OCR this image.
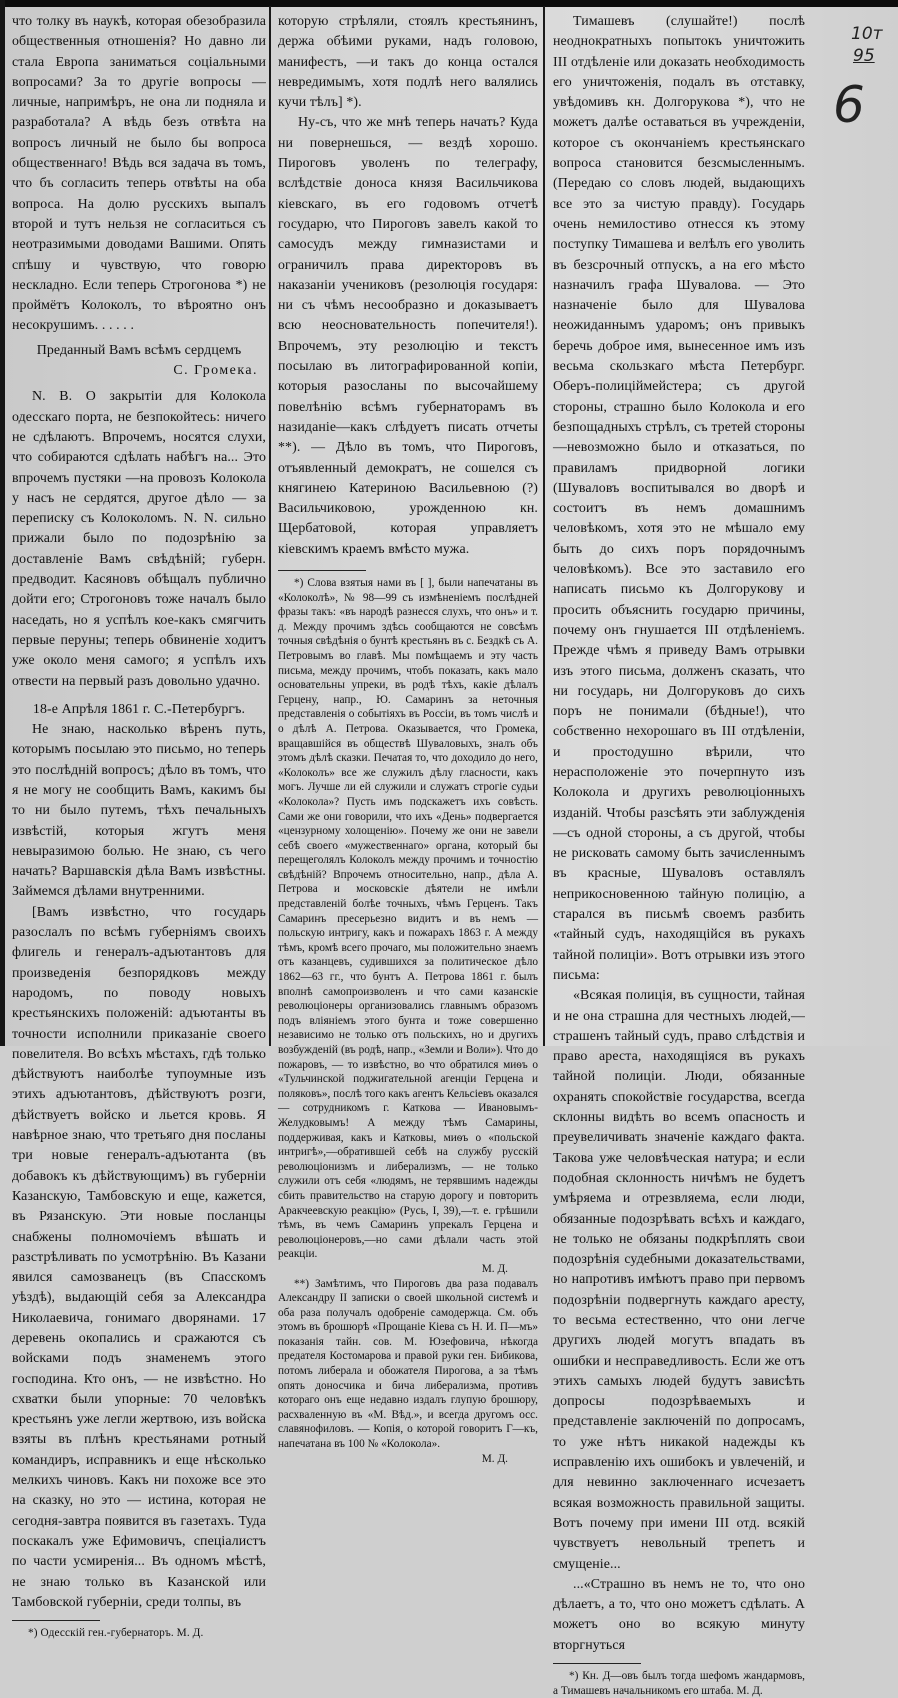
что толку въ наукѣ, которая обезобразила общественныя отношенія? Но давно ли стала Европа заниматься соціальными вопросами? За то другіе вопросы — личные, напримѣръ, не она ли подняла и разработала? А вѣдь безъ отвѣта на вопросъ личный не было бы вопроса общественнаго! Вѣдь вся задача въ томъ, что бъ согласить теперь отвѣты на оба вопроса. На долю русскихъ выпалъ второй и тутъ нельзя не согласиться съ неотразимыми доводами Вашими. Опять спѣшу и чувствую, что говорю нескладно. Если теперь Строгонова *) не проймётъ Колоколъ, то вѣроятно онъ несокрушимъ. . . . . .

Преданный Вамъ всѣмъ сердцемъ

С. Громека.

N. B. О закрытіи для Колокола одесскаго порта, не безпокойтесь: ничего не сдѣлаютъ. Впрочемъ, носятся слухи, что собираются сдѣлать набѣгъ на... Это впрочемъ пустяки —на провозъ Колокола у насъ не сердятся, другое дѣло — за переписку съ Колоколомъ. N. N. сильно прижали было по подозрѣнію за доставленіе Вамъ свѣдѣній; губерн. предводит. Касяновъ обѣщалъ публично дойти его; Строгоновъ тоже началъ было наседать, но я успѣлъ кое-какъ смягчить первые перуны; теперь обвиненіе ходитъ уже около меня самого; я успѣлъ ихъ отвести на первый разъ довольно удачно.

18-е Апрѣля 1861 г. С.-Петербургъ.

Не знаю, насколько вѣренъ путь, которымъ посылаю это письмо, но теперь это послѣдній вопросъ; дѣло въ томъ, что я не могу не сообщить Вамъ, какимъ бы то ни было путемъ, тѣхъ печальныхъ извѣстій, которыя жгутъ меня невыразимою болью. Не знаю, съ чего начать? Варшавскія дѣла Вамъ извѣстны. Займемся дѣлами внутренними.

[Вамъ извѣстно, что государь разослалъ по всѣмъ губерніямъ своихъ флигель и генералъ-адъютантовъ для произведенія безпорядковъ между народомъ, по поводу новыхъ крестьянскихъ положеній: адъютанты въ точности исполнили приказаніе своего повелителя. Во всѣхъ мѣстахъ, гдѣ только дѣйствуютъ наиболѣе тупоумные изъ этихъ адъютантовъ, дѣйствуютъ розги, дѣйствуетъ войско и льется кровь. Я навѣрное знаю, что третьяго дня посланы три новые генералъ-адъютанта (въ добавокъ къ дѣйствующимъ) въ губерніи Казанскую, Тамбовскую и еще, кажется, въ Рязанскую. Эти новые посланцы снабжены полномочіемъ вѣшать и разстрѣливать по усмотрѣнію. Въ Казани явился самозванецъ (въ Спасскомъ уѣздѣ), выдающій себя за Александра Николаевича, гонимаго дворянами. 17 деревень окопались и сражаются съ войсками подъ знаменемъ этого господина. Кто онъ, — не извѣстно. Но схватки были упорные: 70 человѣкъ крестьянъ уже легли жертвою, изъ войска взяты въ плѣнъ крестьянами ротный командиръ, исправникъ и еще нѣсколько мелкихъ чиновъ. Какъ ни похоже все это на сказку, но это — истина, которая не сегодня-завтра появится въ газетахъ. Туда поскакалъ уже Ефимовичъ, спеціалистъ по части усмиренія... Въ одномъ мѣстѣ, не знаю только въ Казанской или Тамбовской губерніи, среди толпы, въ

*) Одесскій ген.-губернаторъ. М. Д.

которую стрѣляли, стоялъ крестьянинъ, держа обѣими руками, надъ головою, манифестъ, —и такъ до конца остался невредимымъ, хотя подлѣ него валялись кучи тѣлъ] *).

Ну-съ, что же мнѣ теперь начать? Куда ни повернешься, — вездѣ хорошо. Пироговъ уволенъ по телеграфу, вслѣдствіе доноса князя Васильчикова кіевскаго, въ его годовомъ отчетѣ государю, что Пироговъ завелъ какой то самосудъ между гимназистами и ограничилъ права директоровъ въ наказаніи учениковъ (резолюція государя: ни съ чѣмъ несообразно и доказываетъ всю неосновательность попечителя!). Впрочемъ, эту резолюцію и текстъ посылаю въ литографированной копіи, которыя разосланы по высочайшему повелѣнію всѣмъ губернаторамъ въ назиданіе—какъ слѣдуетъ писать отчеты **). — Дѣло въ томъ, что Пироговъ, отъявленный демократъ, не сошелся съ княгинею Катериною Васильевною (?) Васильчиковою, урожденною кн. Щербатовой, которая управляетъ кіевскимъ краемъ вмѣсто мужа.

*) Слова взятыя нами въ [ ], были напечатаны въ «Колоколѣ», № 98—99 съ измѣненіемъ послѣдней фразы такъ: «въ народѣ разнесся слухъ, что онъ» и т. д. Между прочимъ здѣсь сообщаются не совсѣмъ точныя свѣдѣнія о бунтѣ крестьянъ въ с. Бездкѣ съ А. Петровымъ во главѣ. Мы помѣщаемъ и эту часть письма, между прочимъ, чтобъ показать, какъ мало основательны упреки, въ родѣ тѣхъ, какіе дѣлалъ Герцену, напр., Ю. Самаринъ за неточныя представленія о событіяхъ въ Россіи, въ томъ числѣ и о дѣлѣ А. Петрова. Оказывается, что Громека, вращавшійся въ обществѣ Шуваловыхъ, зналъ объ этомъ дѣлѣ сказки. Печатая то, что доходило до него, «Колоколъ» все же служилъ дѣлу гласности, какъ могъ. Лучше ли ей служили и служатъ строгіе судьи «Колокола»? Пусть имъ подскажетъ ихъ совѣсть. Сами же они говорили, что ихъ «День» подвергается «цензурному холощенію». Почему же они не завели себѣ своего «мужественнаго» органа, который бы перещеголялъ Колоколъ между прочимъ и точностію свѣдѣній? Впрочемъ относительно, напр., дѣла А. Петрова и московскіе дѣятели не имѣли представленій болѣе точныхъ, чѣмъ Герценъ. Такъ Самаринъ пресерьезно видитъ и въ немъ — польскую интригу, какъ и пожарахъ 1863 г. А между тѣмъ, кромѣ всего прочаго, мы положительно знаемъ отъ казанцевъ, судившихся за политическое дѣло 1862—63 гг., что бунтъ А. Петрова 1861 г. былъ вполнѣ самопроизволенъ и что сами казанскіе революціонеры организовались главнымъ образомъ подъ вліяніемъ этого бунта и тоже совершенно независимо не только отъ польскихъ, но и другихъ возбужденій (въ родѣ, напр., «Земли и Воли»). Что до пожаровъ, — то извѣстно, во что обратился миѳъ о «Тульчинской поджигательной агенціи Герцена и поляковъ», послѣ того какъ агентъ Кельсіевъ оказался — сотрудникомъ г. Каткова — Ивановымъ-Желудковымъ! А между тѣмъ Самарины, поддерживая, какъ и Катковы, миѳъ о «польской интригѣ»,—обратившей себѣ на службу русскій революціонизмъ и либерализмъ, — не только служили отъ себя «людямъ, не терявшимъ надежды сбить правительство на старую дорогу и повторить Аракчеевскую реакцію» (Русь, I, 39),—т. е. грѣшили тѣмъ, въ чемъ Самаринъ упрекалъ Герцена и революціонеровъ,—но сами дѣлали часть этой реакціи.

М. Д.

**) Замѣтимъ, что Пироговъ два раза подавалъ Александру II записки о своей школьной системѣ и оба раза получалъ одобреніе самодержца. См. объ этомъ въ брошюрѣ «Прощаніе Кіева съ Н. И. П—мъ» показанія тайн. сов. М. Юзефовича, нѣкогда предателя Костомарова и правой руки ген. Бибикова, потомъ либерала и обожателя Пирогова, а за тѣмъ опять доносчика и бича либерализма, противъ котораго онъ еще недавно издалъ глупую брошюру, расхваленную въ «М. Вѣд.», и всегда другомъ осс. славянофиловъ. — Копія, о которой говоритъ Г—къ, напечатана въ 100 № «Колокола».

М. Д.

Тимашевъ (слушайте!) послѣ неоднократныхъ попытокъ уничтожить III отдѣленіе или доказать необходимость его уничтоженія, подалъ въ отставку, увѣдомивъ кн. Долгорукова *), что не можетъ далѣе оставаться въ учрежденіи, которое съ окончаніемъ крестьянскаго вопроса становится безсмысленнымъ. (Передаю со словъ людей, выдающихъ все это за чистую правду). Государь очень немилостиво отнесся къ этому поступку Тимашева и велѣлъ его уволить въ безсрочный отпускъ, а на его мѣсто назначилъ графа Шувалова. — Это назначеніе было для Шувалова неожиданнымъ ударомъ; онъ привыкъ беречь доброе имя, вынесенное имъ изъ весьма скользкаго мѣста Петербург. Оберъ-полиціймейстера; съ другой стороны, страшно было Колокола и его безпощадныхъ стрѣлъ, съ третей стороны—невозможно было и отказаться, по правиламъ придворной логики (Шуваловъ воспитывался во дворѣ и состоитъ въ немъ домашнимъ человѣкомъ, хотя это не мѣшало ему быть до сихъ поръ порядочнымъ человѣкомъ). Все это заставило его написать письмо къ Долгорукову и просить объяснить государю причины, почему онъ гнушается III отдѣленіемъ. Прежде чѣмъ я приведу Вамъ отрывки изъ этого письма, долженъ сказать, что ни государь, ни Долгоруковъ до сихъ поръ не понимали (бѣдные!), что собственно нехорошаго въ III отдѣленіи, и простодушно вѣрили, что нерасположеніе это почерпнуто изъ Колокола и другихъ революціонныхъ изданій. Чтобы разсѣять эти заблужденія—съ одной стороны, а съ другой, чтобы не рисковать самому быть зачисленнымъ въ красные, Шуваловъ оставлялъ неприкосновенною тайную полицію, а старался въ письмѣ своемъ разбить «тайный судъ, находящійся въ рукахъ тайной полиціи». Вотъ отрывки изъ этого письма:

«Всякая полиція, въ сущности, тайная и не она страшна для честныхъ людей,—страшенъ тайный судъ, право слѣдствія и право ареста, находящіяся въ рукахъ тайной полиціи. Люди, обязанные охранять спокойствіе государства, всегда склонны видѣть во всемъ опасность и преувеличивать значеніе каждаго факта. Такова уже человѣческая натура; и если подобная склонность ничѣмъ не будетъ умѣряема и отрезвляема, если люди, обязанные подозрѣвать всѣхъ и каждаго, не только не обязаны подкрѣплять свои подозрѣнія судебными доказательствами, но напротивъ имѣютъ право при первомъ подозрѣніи подвергнуть каждаго аресту, то весьма естественно, что они легче другихъ людей могутъ впадать въ ошибки и несправедливость. Если же отъ этихъ самыхъ людей будутъ зависѣть допросы подозрѣваемыхъ и представленіе заключеній по допросамъ, то уже нѣтъ никакой надежды къ исправленію ихъ ошибокъ и увлеченій, и для невинно заключеннаго исчезаетъ всякая возможность правильной защиты. Вотъ почему при имени III отд. всякій чувствуетъ невольный трепетъ и смущеніе...

...«Страшно въ немъ не то, что оно дѣлаетъ, а то, что оно можетъ сдѣлать. А можетъ оно во всякую минуту вторгнуться

*) Кн. Д—овъ былъ тогда шефомъ жандармовъ, а Тимашевъ начальникомъ его штаба. М. Д.

10т
95
6
